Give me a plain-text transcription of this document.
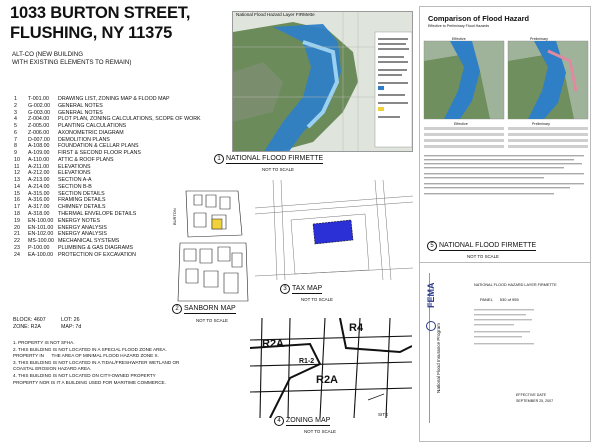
1033 BURTON STREET,
FLUSHING, NY 11375
ALT-CO (NEW BUILDING
WITH EXISTING ELEMENTS TO REMAIN)
1	T-001.00	DRAWING LIST, ZONING MAP & FLOOD MAP
2	G-002.00	GENERAL NOTES
3	G-003.00	GENERAL NOTES
4	Z-004.00	PLOT PLAN, ZONING CALCULATIONS, SCOPE OF WORK
5	Z-005.00	PLANTING CALCULATIONS
6	Z-006.00	AXONOMETRIC DIAGRAM
7	D-007.00	DEMOLITION PLANS
8	A-108.00	FOUNDATION & CELLAR PLANS
9	A-109.00	FIRST & SECOND FLOOR PLANS
10	A-110.00	ATTIC & ROOF PLANS
11	A-211.00	ELEVATIONS
12	A-212.00	ELEVATIONS
13	A-213.00	SECTION A-A
14	A-214.00	SECTION B-B
15	A-315.00	SECTION DETAILS
16	A-316.00	FRAMING DETAILS
17	A-317.00	CHIMNEY DETAILS
18	A-318.00	THERMAL ENVELOPE DETAILS
19	EN-100.00 ENERGY NOTES
20	EN-101.00 ENERGY ANALYSIS
21	EN-102.00 ENERGY ANALYSIS
22	MS-100.00 MECHANICAL SYSTEMS
23	P-100.00	PLUMBING & GAS DIAGRAMS
24	EA-100.00 PROTECTION OF EXCAVATION
BLOCK: 4607	LOT: 26
ZONE: R2A	MAP: 7d
1. PROPERTY IS NOT SFHA.
2. THIS BUILDING IS NOT LOCATED IN A SPECIAL FLOOD ZONE AREA.
PROPERTY IN      THE AREA OF MINIMAL FLOOD HAZARD ZONE X.
3. THIS BUILDING IS NOT LOCATED IN A TIDAL/FRESHWATER WETLAND OR
COASTAL EROSION HAZARD AREA.
4. THIS BUILDING IS NOT LOCATED ON CITY-OWNED PROPERTY
PROPERTY NOR IS IT A BUILDING USED FOR MARITIME COMMERCE.
National Flood Hazard Layer FIRMette
1 NATIONAL FLOOD FIRMETTE
NOT TO SCALE
BURTON
2 SANBORN MAP
NOT TO SCALE
3 TAX MAP
NOT TO SCALE
R4
R2A
R1-2
R2A
SITE
4 ZONING MAP
NOT TO SCALE
Effective	Preliminary
Effective	Preliminary
Comparison of Flood Hazard
Effective to Preliminary Flood Hazards
5 NATIONAL FLOOD FIRMETTE
NOT TO SCALE
FEMA
National Flood Insurance Program
NATIONAL FLOOD HAZARD LAYER FIRMETTE
PANEL 530 of 955
EFFECTIVE DATE
SEPTEMBER 25, 2007
